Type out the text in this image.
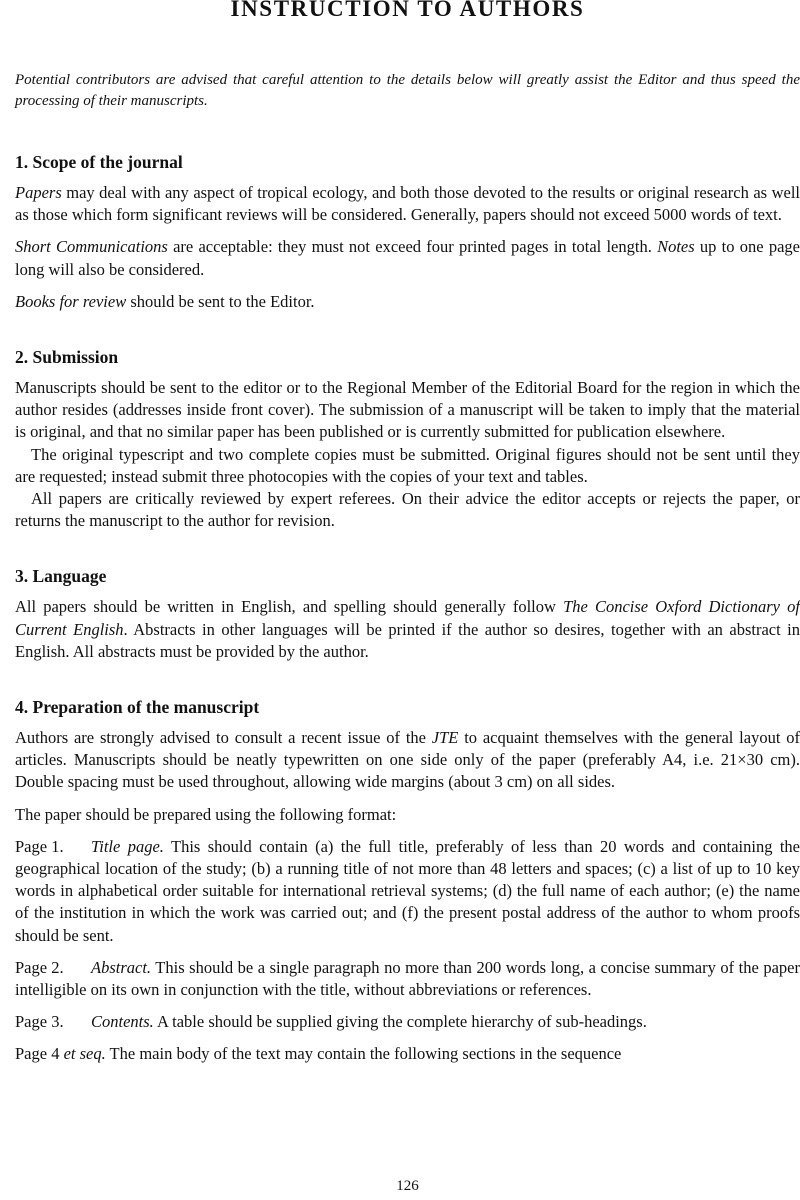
INSTRUCTION TO AUTHORS

Potential contributors are advised that careful attention to the details below will greatly assist the Editor and thus speed the processing of their manuscripts.

1. Scope of the journal

Papers may deal with any aspect of tropical ecology, and both those devoted to the results or original research as well as those which form significant reviews will be considered. Generally, papers should not exceed 5000 words of text.

Short Communications are acceptable: they must not exceed four printed pages in total length. Notes up to one page long will also be considered.

Books for review should be sent to the Editor.

2. Submission

Manuscripts should be sent to the editor or to the Regional Member of the Editorial Board for the region in which the author resides (addresses inside front cover). The submission of a manuscript will be taken to imply that the material is original, and that no similar paper has been published or is currently submitted for publication elsewhere.

The original typescript and two complete copies must be submitted. Original figures should not be sent until they are requested; instead submit three photocopies with the copies of your text and tables.

All papers are critically reviewed by expert referees. On their advice the editor accepts or rejects the paper, or returns the manuscript to the author for revision.

3. Language

All papers should be written in English, and spelling should generally follow The Concise Oxford Dictionary of Current English. Abstracts in other languages will be printed if the author so desires, together with an abstract in English. All abstracts must be provided by the author.

4. Preparation of the manuscript

Authors are strongly advised to consult a recent issue of the JTE to acquaint themselves with the general layout of articles. Manuscripts should be neatly typewritten on one side only of the paper (preferably A4, i.e. 21×30 cm). Double spacing must be used throughout, allowing wide margins (about 3 cm) on all sides.

The paper should be prepared using the following format:

Page 1. Title page. This should contain (a) the full title, preferably of less than 20 words and containing the geographical location of the study; (b) a running title of not more than 48 letters and spaces; (c) a list of up to 10 key words in alphabetical order suitable for international retrieval systems; (d) the full name of each author; (e) the name of the institution in which the work was carried out; and (f) the present postal address of the author to whom proofs should be sent.

Page 2. Abstract. This should be a single paragraph no more than 200 words long, a concise summary of the paper intelligible on its own in conjunction with the title, without abbreviations or references.

Page 3. Contents. A table should be supplied giving the complete hierarchy of sub-headings.

Page 4 et seq. The main body of the text may contain the following sections in the sequence

126
